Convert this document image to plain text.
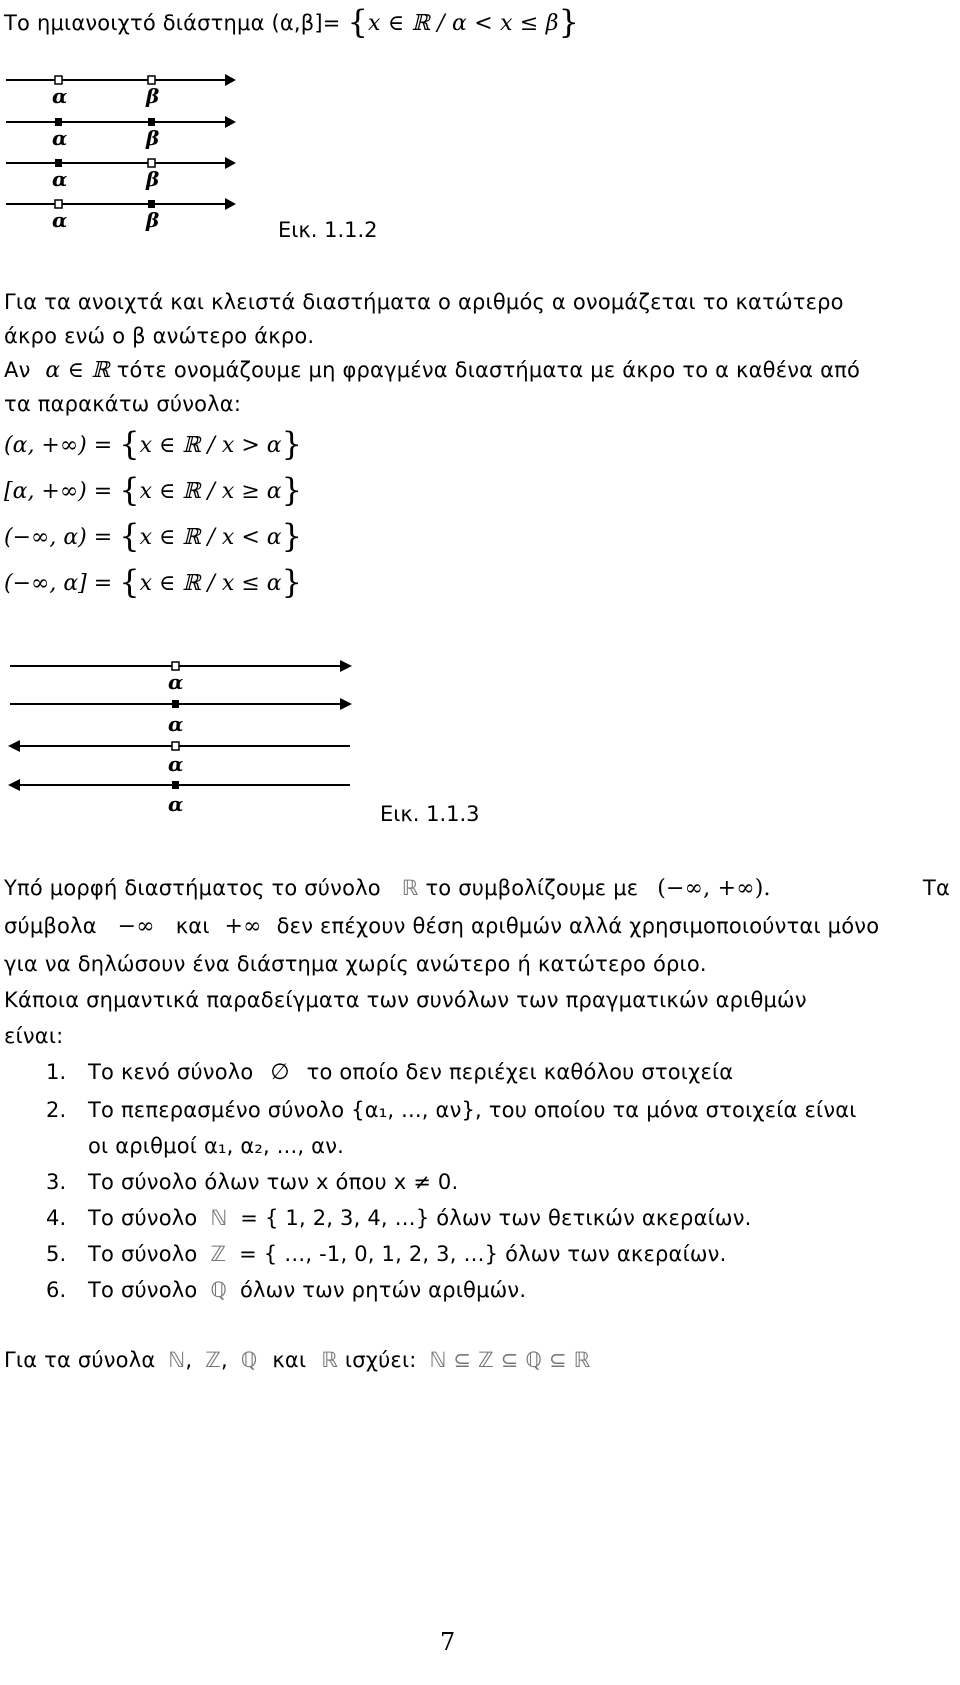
Το ημιανοιχτό διάστημα (α,β]= {x ∈ ℝ / α < x ≤ β}
α	β
α	β
α	β
α	β	Εικ. 1.1.2
Για τα ανοιχτά και κλειστά διαστήματα ο αριθμός α ονομάζεται το κατώτερο
άκρο ενώ ο β ανώτερο άκρο.
Αν α ∈ ℝ τότε ονομάζουμε μη φραγμένα διαστήματα με άκρο το α καθένα από
τα παρακάτω σύνολα:
(α, +∞) = {x ∈ ℝ / x > α}
[α, +∞) = {x ∈ ℝ / x ≥ α}
(−∞, α) = {x ∈ ℝ / x < α}
(−∞, α] = {x ∈ ℝ / x ≤ α}
α
α
α
α	Εικ. 1.1.3
Υπό μορφή διαστήματος το σύνολο ℝ το συμβολίζουμε με (−∞, +∞).	Τα
σύμβολα −∞ και +∞ δεν επέχουν θέση αριθμών αλλά χρησιμοποιούνται μόνο
για να δηλώσουν ένα διάστημα χωρίς ανώτερο ή κατώτερο όριο.
Κάποια σημαντικά παραδείγματα των συνόλων των πραγματικών αριθμών
είναι:
1. Το κενό σύνολο ∅ το οποίο δεν περιέχει καθόλου στοιχεία
2. Το πεπερασμένο σύνολο {α₁, ..., αν}, του οποίου τα μόνα στοιχεία είναι
οι αριθμοί α₁, α₂, ..., αν.
3. Το σύνολο όλων των x όπου x ≠ 0.
4. Το σύνολο ℕ = { 1, 2, 3, 4, …} όλων των θετικών ακεραίων.
5. Το σύνολο ℤ = { …, -1, 0, 1, 2, 3, …} όλων των ακεραίων.
6. Το σύνολο ℚ όλων των ρητών αριθμών.
Για τα σύνολα ℕ, ℤ, ℚ και ℝ ισχύει: ℕ ⊆ ℤ ⊆ ℚ ⊆ ℝ
7
